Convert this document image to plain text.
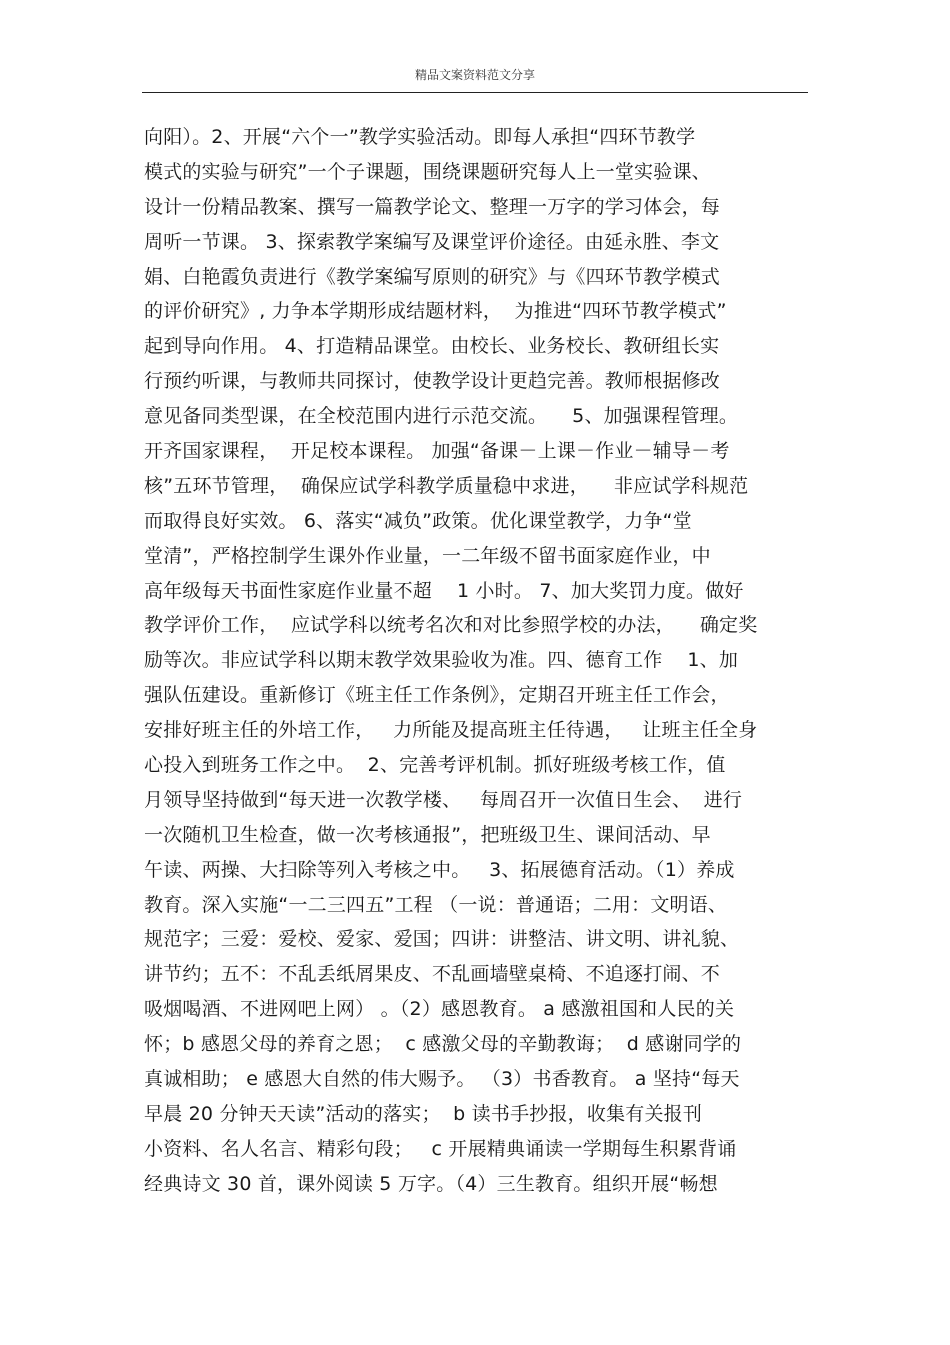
精品文案资料范文分享
向阳）。2、开展“六个一”教学实验活动。即每人承担“四环节教学
模式的实验与研究”一个子课题，围绕课题研究每人上一堂实验课、
设计一份精品教案、撰写一篇教学论文、整理一万字的学习体会，每
周听一节课。 3、探索教学案编写及课堂评价途径。由延永胜、李文
娟、白艳霞负责进行《教学案编写原则的研究》与《四环节教学模式
的评价研究》, 力争本学期形成结题材料，  为推进“四环节教学模式”
起到导向作用。 4、打造精品课堂。由校长、业务校长、教研组长实
行预约听课，与教师共同探讨，使教学设计更趋完善。教师根据修改
意见备同类型课，在全校范围内进行示范交流。    5、加强课程管理。
开齐国家课程，  开足校本课程。 加强“备课－上课－作业－辅导－考
核”五环节管理，  确保应试学科教学质量稳中求进，    非应试学科规范
而取得良好实效。 6、落实“减负”政策。优化课堂教学，力争“堂
堂清”，严格控制学生课外作业量，一二年级不留书面家庭作业，中
高年级每天书面性家庭作业量不超    1 小时。 7、加大奖罚力度。做好
教学评价工作，  应试学科以统考名次和对比参照学校的办法，    确定奖
励等次。非应试学科以期末教学效果验收为准。四、德育工作    1、加
强队伍建设。重新修订《班主任工作条例》，定期召开班主任工作会，
安排好班主任的外培工作，   力所能及提高班主任待遇，   让班主任全身
心投入到班务工作之中。  2、完善考评机制。抓好班级考核工作，值
月领导坚持做到“每天进一次教学楼、   每周召开一次值日生会、  进行
一次随机卫生检查，做一次考核通报”，把班级卫生、课间活动、早
午读、两操、大扫除等列入考核之中。   3、拓展德育活动。（1）养成
教育。深入实施“一二三四五”工程 （一说：普通语；二用：文明语、
规范字；三爱：爱校、爱家、爱国；四讲：讲整洁、讲文明、讲礼貌、
讲节约；五不：不乱丢纸屑果皮、不乱画墙壁桌椅、不追逐打闹、不
吸烟喝酒、不进网吧上网） 。（2）感恩教育。 a 感激祖国和人民的关
怀；b 感恩父母的养育之恩；  c 感激父母的辛勤教诲；  d 感谢同学的
真诚相助； e 感恩大自然的伟大赐予。 （3）书香教育。 a 坚持“每天
早晨 20 分钟天天读”活动的落实；  b 读书手抄报，收集有关报刊
小资料、名人名言、精彩句段；   c 开展精典诵读一学期每生积累背诵
经典诗文 30 首，课外阅读 5 万字。（4）三生教育。组织开展“畅想
